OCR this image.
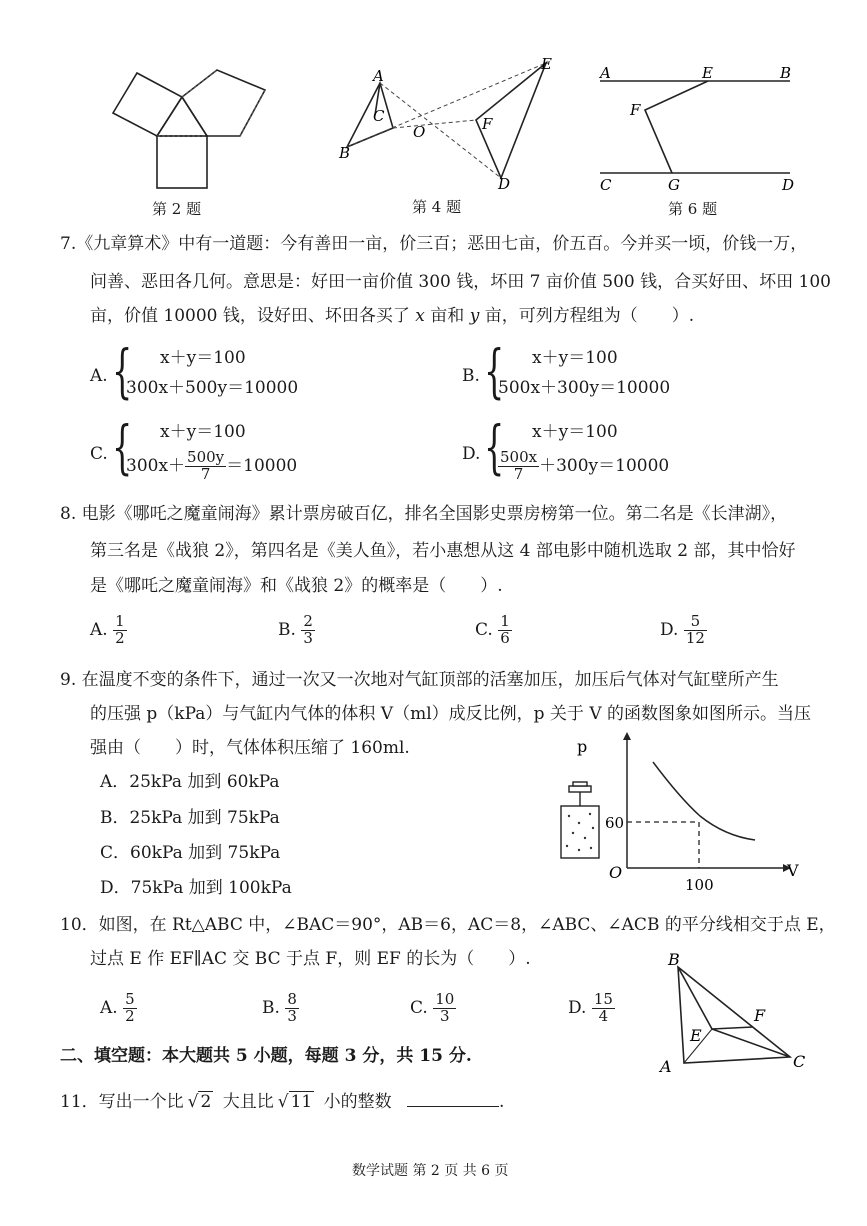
第 2 题
A
B
C
O	F
E
D
第 4 题
A	E	B
F
C	G	D
第 6 题
7.《九章算术》中有一道题：今有善田一亩，价三百；恶田七亩，价五百。今并买一顷，价钱一万，
问善、恶田各几何。意思是：好田一亩价值 300 钱，坏田 7 亩价值 500 钱，合买好田、坏田 100
亩，价值 10000 钱，设好田、坏田各买了 x 亩和 y 亩，可列方程组为（　　）.
A. { x＋y＝100
300x＋500y＝10000
B. { x＋y＝100
500x＋300y＝10000
C. { x＋y＝100
$300x+ \frac{500y}{7} =10000$
D. { x＋y＝100
$\frac{500x}{7} +300y=10000$
8. 电影《哪吒之魔童闹海》累计票房破百亿，排名全国影史票房榜第一位。第二名是《长津湖》，
第三名是《战狼 2》，第四名是《美人鱼》，若小惠想从这 4 部电影中随机选取 2 部，其中恰好
是《哪吒之魔童闹海》和《战狼 2》的概率是（　　）.
A. $\frac{1}{2}$	B. $\frac{2}{3}$	C. $\frac{1}{6}$	D. $\frac{5}{12}$
9. 在温度不变的条件下，通过一次又一次地对气缸顶部的活塞加压，加压后气体对气缸壁所产生
的压强 p（kPa）与气缸内气体的体积 V（ml）成反比例，p 关于 V 的函数图象如图所示。当压
强由（　　）时，气体体积压缩了 160ml.
A．25kPa 加到 60kPa
B．25kPa 加到 75kPa
C．60kPa 加到 75kPa
D．75kPa 加到 100kPa
p
V
O
60
100
10．如图，在 Rt△ABC 中，∠BAC＝90°，AB＝6，AC＝8，∠ABC、∠ACB 的平分线相交于点 E，
过点 E 作 EF∥AC 交 BC 于点 F，则 EF 的长为（　　）.
A. $\frac{5}{2}$	B. $\frac{8}{3}$	C. $\frac{10}{3}$	D. $\frac{15}{4}$
B
F
E
A	C
二、填空题：本大题共 5 小题，每题 3 分，共 15 分.
11．写出一个比 √ 2 大且比 √ 11 小的整数	.
数学试题 第 2 页 共 6 页
